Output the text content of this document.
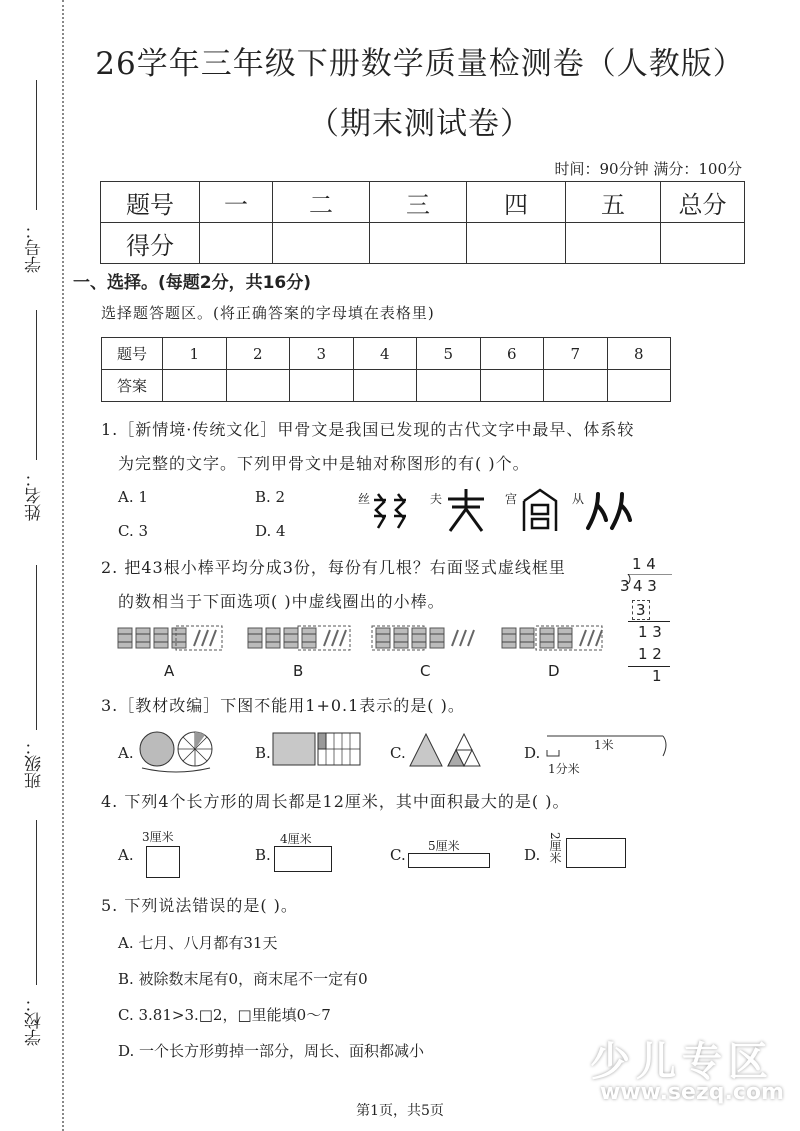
学号：
姓名：
班级：
学校：
26学年三年级下册数学质量检测卷（人教版）
（期末测试卷）
时间：90分钟 满分：100分
题号	一	二	三	四	五	总分
得分						
一、选择。(每题2分，共16分)
选择题答题区。(将正确答案的字母填在表格里)
题号	1	2	3	4	5	6	7	8
答案								
1.［新情境·传统文化］甲骨文是我国已发现的古代文字中最早、体系较
为完整的文字。下列甲骨文中是轴对称图形的有( )个。
A. 1	B. 2
C. 3	D. 4
丝	夫	宫	从
2. 把43根小棒平均分成3份，每份有几根？右面竖式虚线框里
的数相当于下面选项( )中虚线圈出的小棒。
1 4
3 4 3
3
1 3
1 2
1
A	B	C	D
3.［教材改编］下图不能用1+0.1表示的是( )。
A.	B.	C.	D.	1米
1分米
4. 下列4个长方形的周长都是12厘米，其中面积最大的是( )。
A.
3厘米
B.
4厘米
C. 5厘米	D. 2厘米
5. 下列说法错误的是( )。
A. 七月、八月都有31天
B. 被除数末尾有0，商末尾不一定有0
C. 3.81>3.□2，□里能填0～7
D. 一个长方形剪掉一部分，周长、面积都减小	少儿专区
www.sezq.com
第1页，共5页
